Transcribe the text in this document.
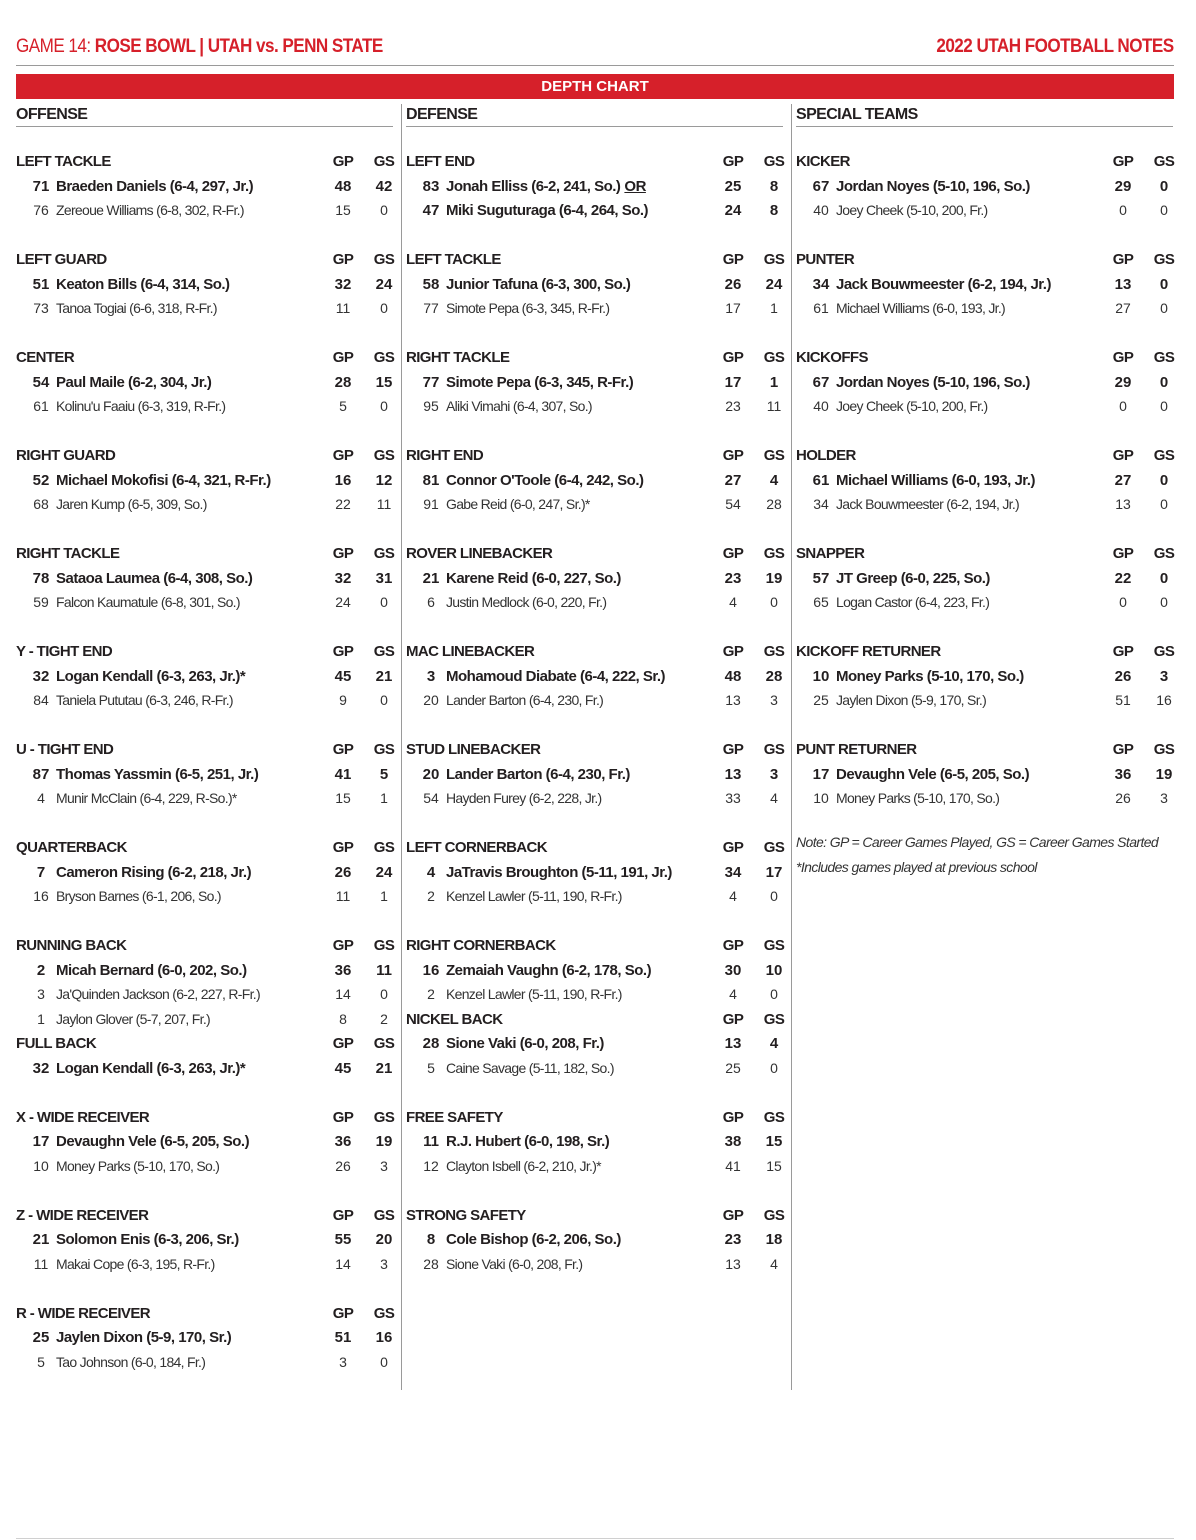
GAME 14: ROSE BOWL | UTAH vs. PENN STATE	2022 UTAH FOOTBALL NOTES
DEPTH CHART
OFFENSE
LEFT TACKLE	GP	GS
71 Braeden Daniels (6-4, 297, Jr.)	48	42
76 Zereoue Williams (6-8, 302, R-Fr.)	15	0
LEFT GUARD	GP	GS
51 Keaton Bills (6-4, 314, So.)	32	24
73 Tanoa Togiai (6-6, 318, R-Fr.)	11	0
CENTER	GP	GS
54 Paul Maile (6-2, 304, Jr.)	28	15
61 Kolinu'u Faaiu (6-3, 319, R-Fr.)	5	0
RIGHT GUARD	GP	GS
52 Michael Mokofisi (6-4, 321, R-Fr.)	16	12
68 Jaren Kump (6-5, 309, So.)	22	11
RIGHT TACKLE	GP	GS
78 Sataoa Laumea (6-4, 308, So.)	32	31
59 Falcon Kaumatule (6-8, 301, So.)	24	0
Y - TIGHT END	GP	GS
32 Logan Kendall (6-3, 263, Jr.)*	45	21
84 Taniela Pututau (6-3, 246, R-Fr.)	9	0
U - TIGHT END	GP	GS
87 Thomas Yassmin (6-5, 251, Jr.)	41	5
4 Munir McClain (6-4, 229, R-So.)*	15	1
QUARTERBACK	GP	GS
7 Cameron Rising (6-2, 218, Jr.)	26	24
16 Bryson Barnes (6-1, 206, So.)	11	1
RUNNING BACK	GP	GS
2 Micah Bernard (6-0, 202, So.)	36	11
3 Ja'Quinden Jackson (6-2, 227, R-Fr.)	14	0
1 Jaylon Glover (5-7, 207, Fr.)	8	2
FULL BACK	GP	GS
32 Logan Kendall (6-3, 263, Jr.)*	45	21
X - WIDE RECEIVER	GP	GS
17 Devaughn Vele (6-5, 205, So.)	36	19
10 Money Parks (5-10, 170, So.)	26	3
Z - WIDE RECEIVER	GP	GS
21 Solomon Enis (6-3, 206, Sr.)	55	20
11 Makai Cope (6-3, 195, R-Fr.)	14	3
R - WIDE RECEIVER	GP	GS
25 Jaylen Dixon (5-9, 170, Sr.)	51	16
5 Tao Johnson (6-0, 184, Fr.)	3	0
DEFENSE
LEFT END	GP	GS
83 Jonah Elliss (6-2, 241, So.) OR	25	8
47 Miki Suguturaga (6-4, 264, So.)	24	8
LEFT TACKLE	GP	GS
58 Junior Tafuna (6-3, 300, So.)	26	24
77 Simote Pepa (6-3, 345, R-Fr.)	17	1
RIGHT TACKLE	GP	GS
77 Simote Pepa (6-3, 345, R-Fr.)	17	1
95 Aliki Vimahi (6-4, 307, So.)	23	11
RIGHT END	GP	GS
81 Connor O'Toole (6-4, 242, So.)	27	4
91 Gabe Reid (6-0, 247, Sr.)*	54	28
ROVER LINEBACKER	GP	GS
21 Karene Reid (6-0, 227, So.)	23	19
6 Justin Medlock (6-0, 220, Fr.)	4	0
MAC LINEBACKER	GP	GS
3 Mohamoud Diabate (6-4, 222, Sr.)	48	28
20 Lander Barton (6-4, 230, Fr.)	13	3
STUD LINEBACKER	GP	GS
20 Lander Barton (6-4, 230, Fr.)	13	3
54 Hayden Furey (6-2, 228, Jr.)	33	4
LEFT CORNERBACK	GP	GS
4 JaTravis Broughton (5-11, 191, Jr.)	34	17
2 Kenzel Lawler (5-11, 190, R-Fr.)	4	0
RIGHT CORNERBACK	GP	GS
16 Zemaiah Vaughn (6-2, 178, So.)	30	10
2 Kenzel Lawler (5-11, 190, R-Fr.)	4	0
NICKEL BACK	GP	GS
28 Sione Vaki (6-0, 208, Fr.)	13	4
5 Caine Savage (5-11, 182, So.)	25	0
FREE SAFETY	GP	GS
11 R.J. Hubert (6-0, 198, Sr.)	38	15
12 Clayton Isbell (6-2, 210, Jr.)*	41	15
STRONG SAFETY	GP	GS
8 Cole Bishop (6-2, 206, So.)	23	18
28 Sione Vaki (6-0, 208, Fr.)	13	4
SPECIAL TEAMS
Note: GP = Career Games Played, GS = Career Games Started
*Includes games played at previous school
KICKER	GP	GS
67 Jordan Noyes (5-10, 196, So.)	29	0
40 Joey Cheek (5-10, 200, Fr.)	0	0
PUNTER	GP	GS
34 Jack Bouwmeester (6-2, 194, Jr.)	13	0
61 Michael Williams (6-0, 193, Jr.)	27	0
KICKOFFS	GP	GS
67 Jordan Noyes (5-10, 196, So.)	29	0
40 Joey Cheek (5-10, 200, Fr.)	0	0
HOLDER	GP	GS
61 Michael Williams (6-0, 193, Jr.)	27	0
34 Jack Bouwmeester (6-2, 194, Jr.)	13	0
SNAPPER	GP	GS
57 JT Greep (6-0, 225, So.)	22	0
65 Logan Castor (6-4, 223, Fr.)	0	0
KICKOFF RETURNER	GP	GS
10 Money Parks (5-10, 170, So.)	26	3
25 Jaylen Dixon (5-9, 170, Sr.)	51	16
PUNT RETURNER	GP	GS
17 Devaughn Vele (6-5, 205, So.)	36	19
10 Money Parks (5-10, 170, So.)	26	3
